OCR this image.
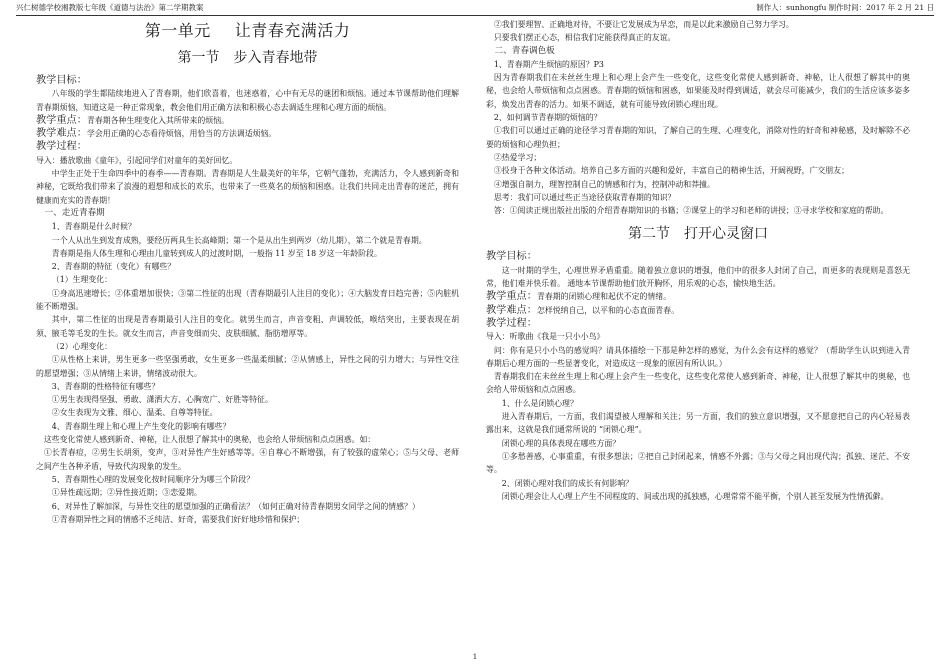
兴仁树德学校湘教版七年级《道德与法治》第二学期教案	制作人：sunhongfu 制作时间：2017 年 2 月 21 日
第一单元 让青春充满活力
第一节 步入青春地带
教学目标：
八年级的学生都陆续地进入了青春期，他们欣喜着，也迷惑着，心中有无尽的谜团和烦恼。通过本节课帮助他们理解青春期烦恼，知道这是一种正常现象，教会他们用正确方法和积极心态去调适生理和心理方面的烦恼。
教学重点：青春期各种生理变化入其所带来的烦恼。
教学难点：学会用正确的心态看待烦恼，用恰当的方法调适烦恼。
教学过程：
导入：播放歌曲《童年》，引起同学们对童年的美好回忆。
中学生正处于生命四季中的春季——青春期。青春期是人生最美好的年华，它朝气蓬勃，充满活力，令人感到新奇和神秘，它既给我们带来了浪漫的遐想和成长的欢乐，也带来了一些莫名的烦恼和困惑。让我们共同走出青春的迷茫，拥有健康而充实的青春期！
一、走近青春期
1、青春期是什么时候？
一个人从出生到发育成熟，要经历两具生长高峰期；第一个是从出生到两岁（幼儿期），第二个就是青春期。
青春期是指人体生理和心理由儿童转到成人的过渡时期，一般指 11 岁至 18 岁这一年龄阶段。
2、青春期的特征（变化）有哪些？
（1）生理变化：
①身高迅速增长；②体重增加很快；③第二性征的出现（青春期最引人注目的变化）；④大脑发育日趋完善；⑤内脏机能不断增强。
其中，第二性征的出现是青春期最引人注目的变化。就男生而言，声音变粗、声调较低，喉结突出，主要表现在胡须、腋毛等毛发的生长。就女生而言，声音变细而尖、皮肤细腻、脂肪增厚等。
（2）心理变化：
①从性格上来讲，男生更多一些坚强勇敢，女生更多一些温柔细腻；②从情感上，异性之间的引力增大；与异性交往的愿望增强；③从情绪上来讲，情绪波动很大。
3、青春期的性格特征有哪些？
①男生表现得坚强、勇敢、潇洒大方、心胸宽广、好胜等特征。
②女生表现为文雅、细心、温柔、自尊等特征。
4、青春期生理上和心理上产生变化的影响有哪些？
这些变化常使人感到新奇、神秘，让人很想了解其中的奥秘，也会给人带烦恼和点点困惑。如：
①长青春痘，②男生长胡须，变声，③对异性产生好感等等。④自尊心不断增强，有了较强的虚荣心；⑤与父母、老师之间产生各种矛盾，导致代沟现象的发生。
5、青春期性心理的发展变化按时间顺序分为哪三个阶段？
①异性疏远期；②异性接近期；③恋爱期。
6、对异性了解加深，与异性交往的愿望加强的正确看法？（如何正确对待青春期男女同学之间的情感？）
①青春期异性之间的情感不乏纯洁、好奇，需要我们好好地珍惜和保护；
②我们要理智、正确地对待，不要让它发展成为早恋，而是以此来激励自己努力学习。
只要我们摆正心态，相信我们定能获得真正的友谊。
二、青春调色板
1、青春期产生烦恼的原因？P3
因为青春期我们在未丝丝生理上和心理上会产生一些变化，这些变化常使人感到新奇、神秘，让人很想了解其中的奥秘，也会给人带烦恼和点点困惑。青春期的烦恼和困惑，如果能及时得到调适，就会尽可能减少，我们的生活应该多姿多彩，焕发出青春的活力。如果不调适，就有可能导致闭锁心理出现。
2、如何调节青春期的烦恼的？
①我们可以通过正确的途径学习青春期的知识，了解自己的生理、心理变化，消除对性的好奇和神秘感，及时解除不必要的烦恼和心理负担；
②热爱学习；
③投身于各种文体活动。培养自己多方面的兴趣和爱好，丰富自己的精神生活，开阔视野，广交朋友；
④增强自制力，理智控制自己的情感和行为，控制冲动和莽撞。
思考：我们可以通过些正当途径获取青春期的知识？
答：①阅读正规出版社出版的介绍青春期知识的书籍；②课堂上的学习和老师的讲授；③寻求学校和家庭的帮助。
第二节 打开心灵窗口
教学目标：
这一时期的学生，心理世界矛盾重重。随着独立意识的增强，他们中的很多人封闭了自己，而更多的表现则是喜怒无常，他们难并快乐着。 通地本节课帮助他们放开胸怀，用乐观的心态，愉快地生活。
教学重点：青春期的闭锁心理和起伏不定的情绪。
教学难点：怎样悦纳自己，以平和的心态直面青春。
教学过程：
导入：听歌曲《我是一只小小鸟》
问：你有是只小小鸟的感觉吗？请具体描绘一下那是种怎样的感觉，为什么会有这样的感觉？（帮助学生认识到进入青春期后心理方面的一些显著变化，对造成这一现象的原因有所认识。）
青春期我们在未丝丝生理上和心理上会产生一些变化，这些变化常使人感到新奇、神秘，让人很想了解其中的奥秘，也会给人带烦恼和点点困惑。
1、什么是闭锁心理？
进入青春期后，一方面，我们渴望被人理解和关注；另一方面，我们的独立意识增强，又不愿意把自己的内心轻易表露出来，这就是我们通常所说的 “闭锁心理”。
闭锁心理的具体表现在哪些方面？
①多愁善感，心事重重，有很多想法；②把自己封闭起来，情感不外露；③与父母之间出现代沟；孤独、迷茫、不安等。
2、闭锁心理对我们的成长有何影响？
闭锁心理会让人心理上产生不同程度的、间或出现的孤独感，心理常常不能平衡，个别人甚至发展为性情孤僻。
1
